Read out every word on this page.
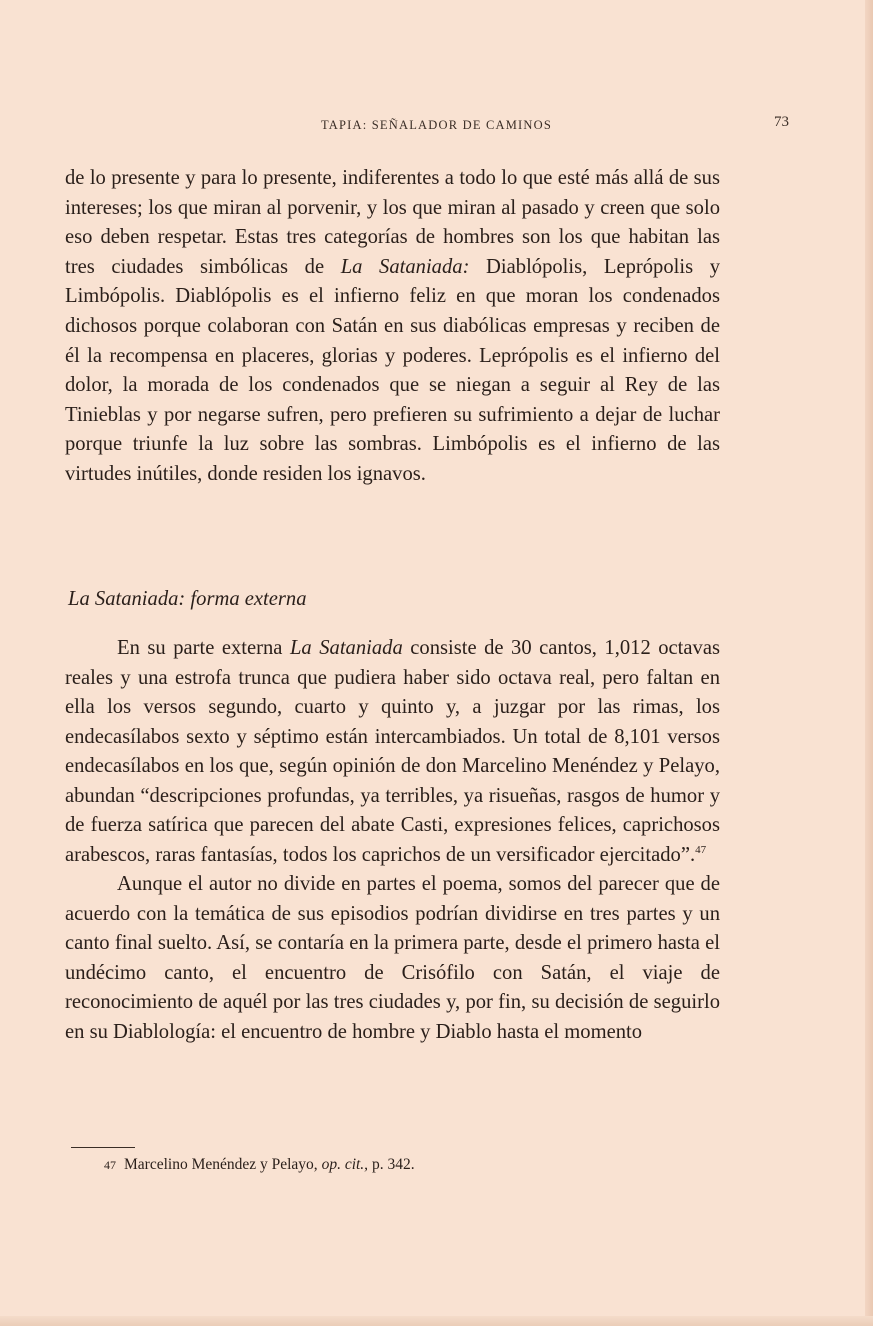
TAPIA: SEÑALADOR DE CAMINOS	73

de lo presente y para lo presente, indiferentes a todo lo que esté más allá de sus intereses; los que miran al porvenir, y los que miran al pasado y creen que solo eso deben respetar. Estas tres categorías de hombres son los que habitan las tres ciudades simbólicas de La Sataniada: Diablópolis, Leprópolis y Limbópolis. Diablópolis es el infierno feliz en que moran los condenados dichosos porque colaboran con Satán en sus diabólicas empresas y reciben de él la recompensa en placeres, glorias y poderes. Leprópolis es el infierno del dolor, la morada de los condenados que se niegan a seguir al Rey de las Tinieblas y por negarse sufren, pero prefieren su sufrimiento a dejar de luchar porque triunfe la luz sobre las sombras. Limbópolis es el infierno de las virtudes inútiles, donde residen los ignavos.

La Sataniada: forma externa

En su parte externa La Sataniada consiste de 30 cantos, 1,012 octavas reales y una estrofa trunca que pudiera haber sido octava real, pero faltan en ella los versos segundo, cuarto y quinto y, a juzgar por las rimas, los endecasílabos sexto y séptimo están intercambiados. Un total de 8,101 versos endecasílabos en los que, según opinión de don Marcelino Menéndez y Pelayo, abundan “descripciones profundas, ya terribles, ya risueñas, rasgos de humor y de fuerza satírica que parecen del abate Casti, expresiones felices, caprichosos arabescos, raras fantasías, todos los caprichos de un versificador ejercitado”.$^{47}$

Aunque el autor no divide en partes el poema, somos del parecer que de acuerdo con la temática de sus episodios podrían dividirse en tres partes y un canto final suelto. Así, se contaría en la primera parte, desde el primero hasta el undécimo canto, el encuentro de Crisófilo con Satán, el viaje de reconocimiento de aquél por las tres ciudades y, por fin, su decisión de seguirlo en su Diablología: el encuentro de hombre y Diablo hasta el momento

47 Marcelino Menéndez y Pelayo, op. cit., p. 342.
